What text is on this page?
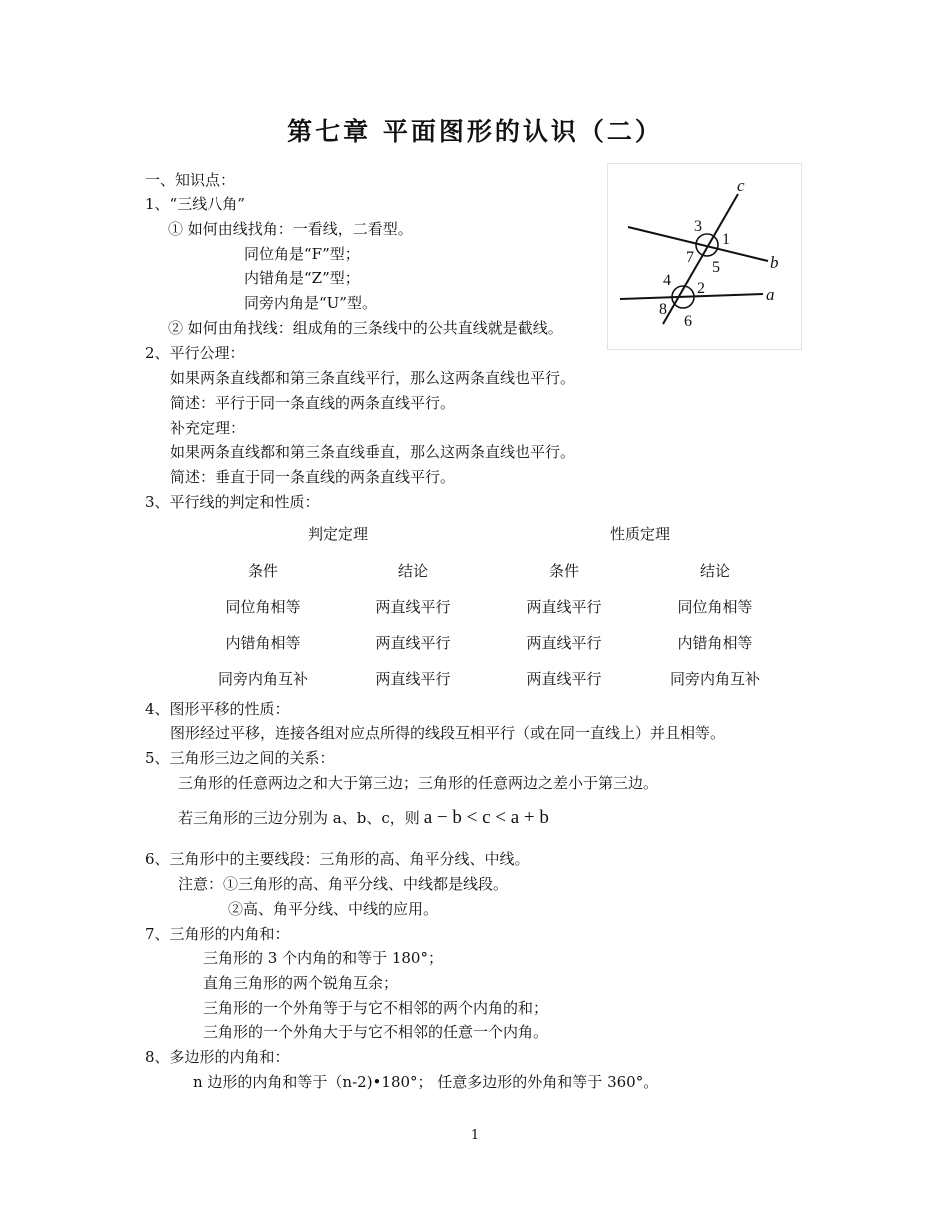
第七章 平面图形的认识（二）
一、知识点：
1、“三线八角”
① 如何由线找角：一看线，二看型。
同位角是“F”型；
内错角是“Z”型；
同旁内角是“U”型。
② 如何由角找线：组成角的三条线中的公共直线就是截线。
2、平行公理：
如果两条直线都和第三条直线平行，那么这两条直线也平行。
简述：平行于同一条直线的两条直线平行。
补充定理：
如果两条直线都和第三条直线垂直，那么这两条直线也平行。
简述：垂直于同一条直线的两条直线平行。
3、平行线的判定和性质：
判定定理	性质定理
条件	结论	条件	结论
同位角相等	两直线平行	两直线平行	同位角相等
内错角相等	两直线平行	两直线平行	内错角相等
同旁内角互补	两直线平行	两直线平行	同旁内角互补
4、图形平移的性质：
图形经过平移，连接各组对应点所得的线段互相平行（或在同一直线上）并且相等。
5、三角形三边之间的关系：
三角形的任意两边之和大于第三边；三角形的任意两边之差小于第三边。
若三角形的三边分别为 a、b、c，则 a − b < c < a + b
6、三角形中的主要线段：三角形的高、角平分线、中线。
注意：①三角形的高、角平分线、中线都是线段。
②高、角平分线、中线的应用。
7、三角形的内角和：
三角形的 3 个内角的和等于 180°；
直角三角形的两个锐角互余；
三角形的一个外角等于与它不相邻的两个内角的和；
三角形的一个外角大于与它不相邻的任意一个内角。
8、多边形的内角和：
n 边形的内角和等于（n-2)•180°； 任意多边形的外角和等于 360°。
c
b
a
1
2
3
4
5
6
7
8
1
